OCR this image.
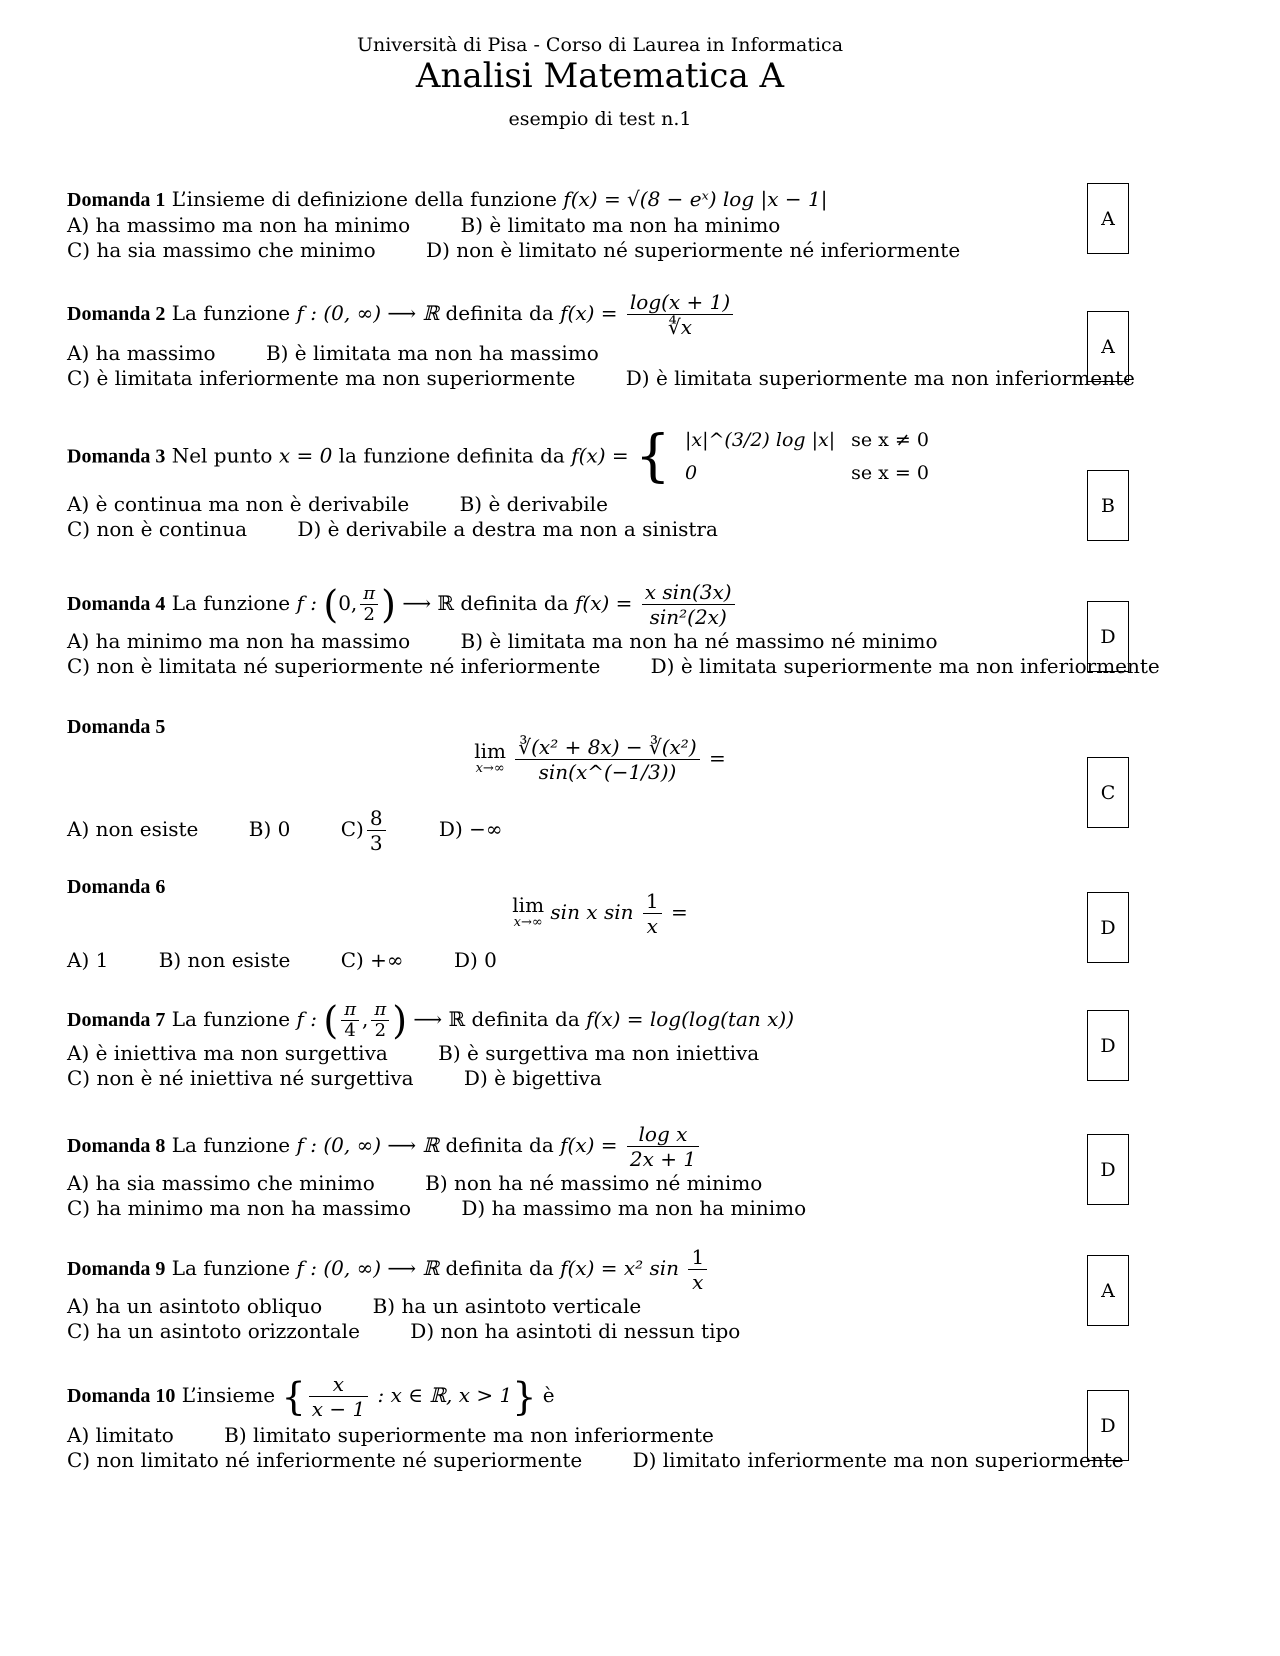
Università di Pisa - Corso di Laurea in Informatica
Analisi Matematica A
esempio di test n.1
Domanda 1 L’insieme di definizione della funzione f(x) = √(8 − eˣ) log |x − 1|
A) ha massimo ma non ha minimo	B) è limitato ma non ha minimo
C) ha sia massimo che minimo	D) non è limitato né superiormente né inferiormente
A
Domanda 2 La funzione f : (0, ∞) ⟶ ℝ definita da $f(x) = \frac{\log(x + 1)}{∜x}$
A) ha massimo	B) è limitata ma non ha massimo
C) è limitata inferiormente ma non superiormente	D) è limitata superiormente ma non inferiormente
A
Domanda 3 Nel punto x = 0 la funzione definita da f(x) = { |x|^(3/2) log |x|	se x ≠ 0
0	se x = 0
A) è continua ma non è derivabile	B) è derivabile
C) non è continua	D) è derivabile a destra ma non a sinistra
B
Domanda 4 La funzione f : (0, $\frac{\pi}{2}$ ) ⟶ ℝ definita da $f(x) = \frac{\text{x sin(3x)}}{\text{sin²(2x)}}$
A) ha minimo ma non ha massimo	B) è limitata ma non ha né massimo né minimo
C) non è limitata né superiormente né inferiormente	D) è limitata superiormente ma non inferiormente
D
Domanda 5
lim
x→∞
$\frac{\text{∛(x² + 8x) − ∛(x²)}}{\sin(x\^{}(-1/3))}$ =
A) non esiste	B) 0	$C) \frac{8}{3}$	D) −∞
C
Domanda 6
lim
x→∞ sin x $\sin \frac{1}{x}$ =
A) 1	B) non esiste	C) +∞	D) 0
D
Domanda 7 La funzione f : ( $\frac{\pi}{4}$ , $\frac{\pi}{2}$ ) ⟶ ℝ definita da f(x) = log(log(tan x))
A) è iniettiva ma non surgettiva	B) è surgettiva ma non iniettiva
C) non è né iniettiva né surgettiva	D) è bigettiva
D
Domanda 8 La funzione f : (0, ∞) ⟶ ℝ definita da $f(x) = \frac{\text{log x}}{2x + 1}$
A) ha sia massimo che minimo	B) non ha né massimo né minimo
C) ha minimo ma non ha massimo	D) ha massimo ma non ha minimo
D
Domanda 9 La funzione f : (0, ∞) ⟶ ℝ definita da f(x) = x² $\sin \frac{1}{x}$
A) ha un asintoto obliquo	B) ha un asintoto verticale
C) ha un asintoto orizzontale	D) non ha asintoti di nessun tipo
A
Domanda 10 L’insieme { $\frac{x}{x - 1}$ : x ∈ ℝ, x > 1} è
A) limitato	B) limitato superiormente ma non inferiormente
C) non limitato né inferiormente né superiormente	D) limitato inferiormente ma non superiormente
D
